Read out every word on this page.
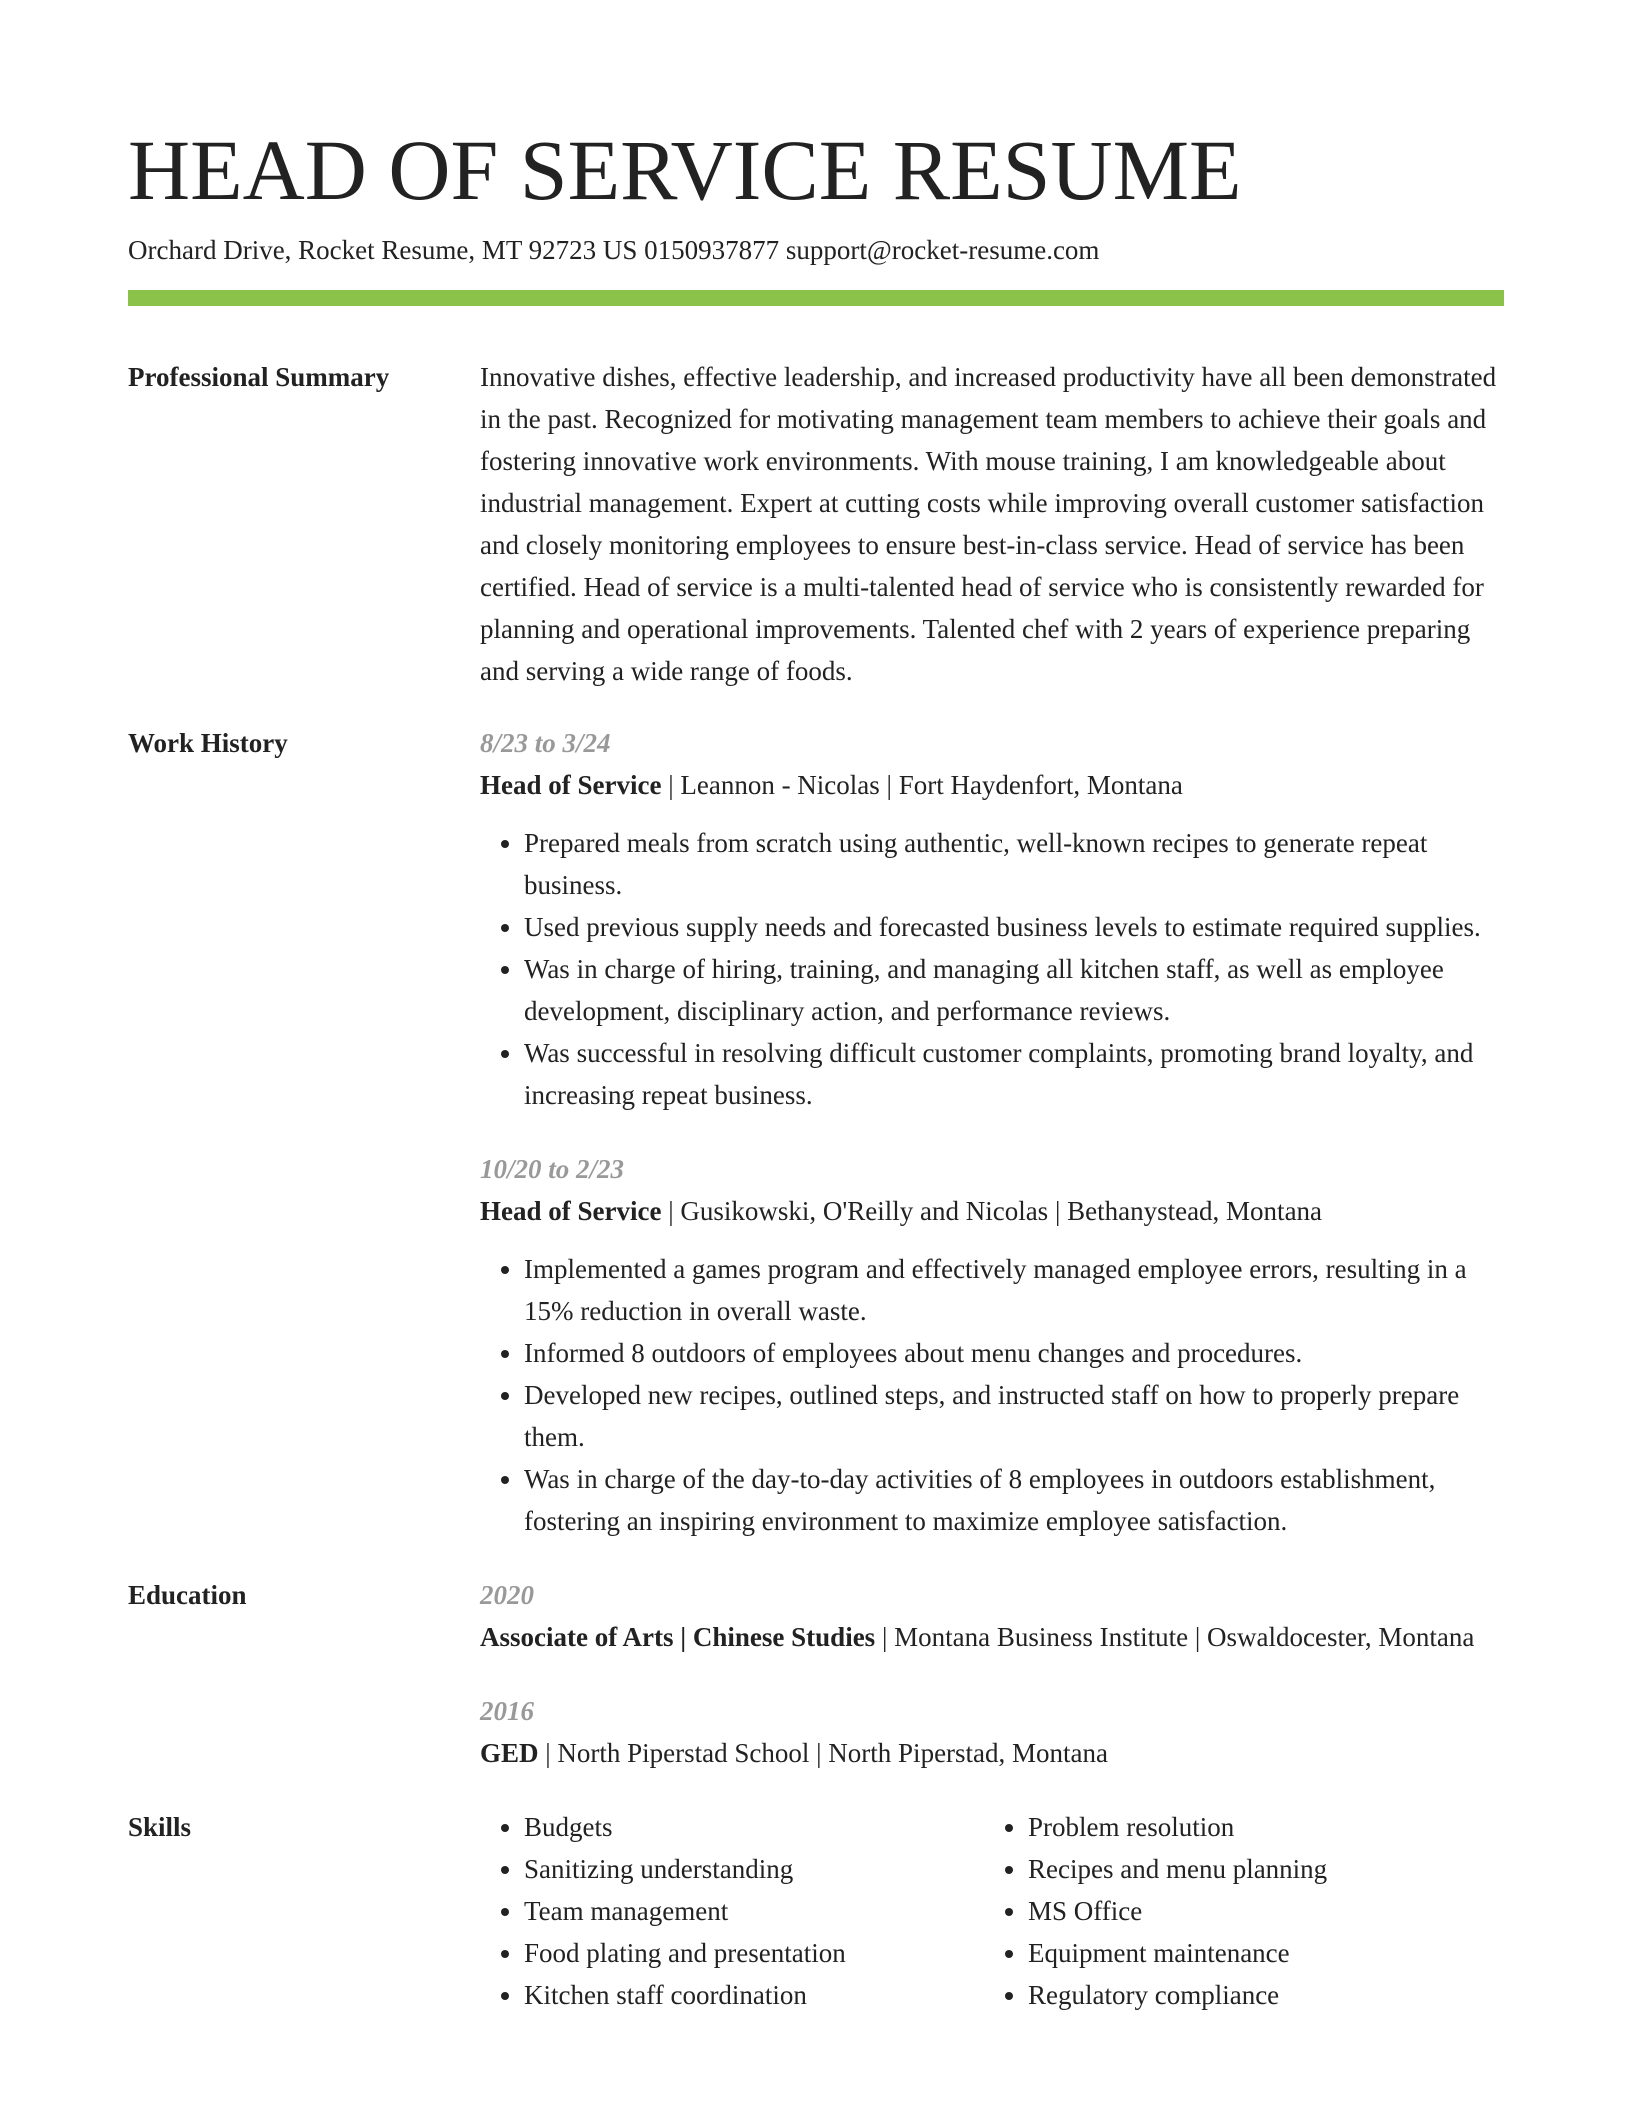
HEAD OF SERVICE RESUME
Orchard Drive, Rocket Resume, MT 92723 US 0150937877 support@rocket-resume.com
Professional Summary	Innovative dishes, effective leadership, and increased productivity have all been demonstrated in the past. Recognized for motivating management team members to achieve their goals and fostering innovative work environments. With mouse training, I am knowledgeable about industrial management. Expert at cutting costs while improving overall customer satisfaction and closely monitoring employees to ensure best-in-class service. Head of service has been certified. Head of service is a multi-talented head of service who is consistently rewarded for planning and operational improvements. Talented chef with 2 years of experience preparing and serving a wide range of foods.
Work History	8/23 to 3/24
Head of Service | Leannon - Nicolas | Fort Haydenfort, Montana
• Prepared meals from scratch using authentic, well-known recipes to generate repeat business.
• Used previous supply needs and forecasted business levels to estimate required supplies.
• Was in charge of hiring, training, and managing all kitchen staff, as well as employee development, disciplinary action, and performance reviews.
• Was successful in resolving difficult customer complaints, promoting brand loyalty, and increasing repeat business.
10/20 to 2/23
Head of Service | Gusikowski, O'Reilly and Nicolas | Bethanystead, Montana
• Implemented a games program and effectively managed employee errors, resulting in a 15% reduction in overall waste.
• Informed 8 outdoors of employees about menu changes and procedures.
• Developed new recipes, outlined steps, and instructed staff on how to properly prepare them.
• Was in charge of the day-to-day activities of 8 employees in outdoors establishment, fostering an inspiring environment to maximize employee satisfaction.
Education	2020
Associate of Arts | Chinese Studies | Montana Business Institute | Oswaldocester, Montana
2016
GED | North Piperstad School | North Piperstad, Montana
Skills
•	Budgets
• Sanitizing understanding
• Team management
• Food plating and presentation
• Kitchen staff coordination
• Problem resolution
• Recipes and menu planning
• MS Office
• Equipment maintenance
• Regulatory compliance
